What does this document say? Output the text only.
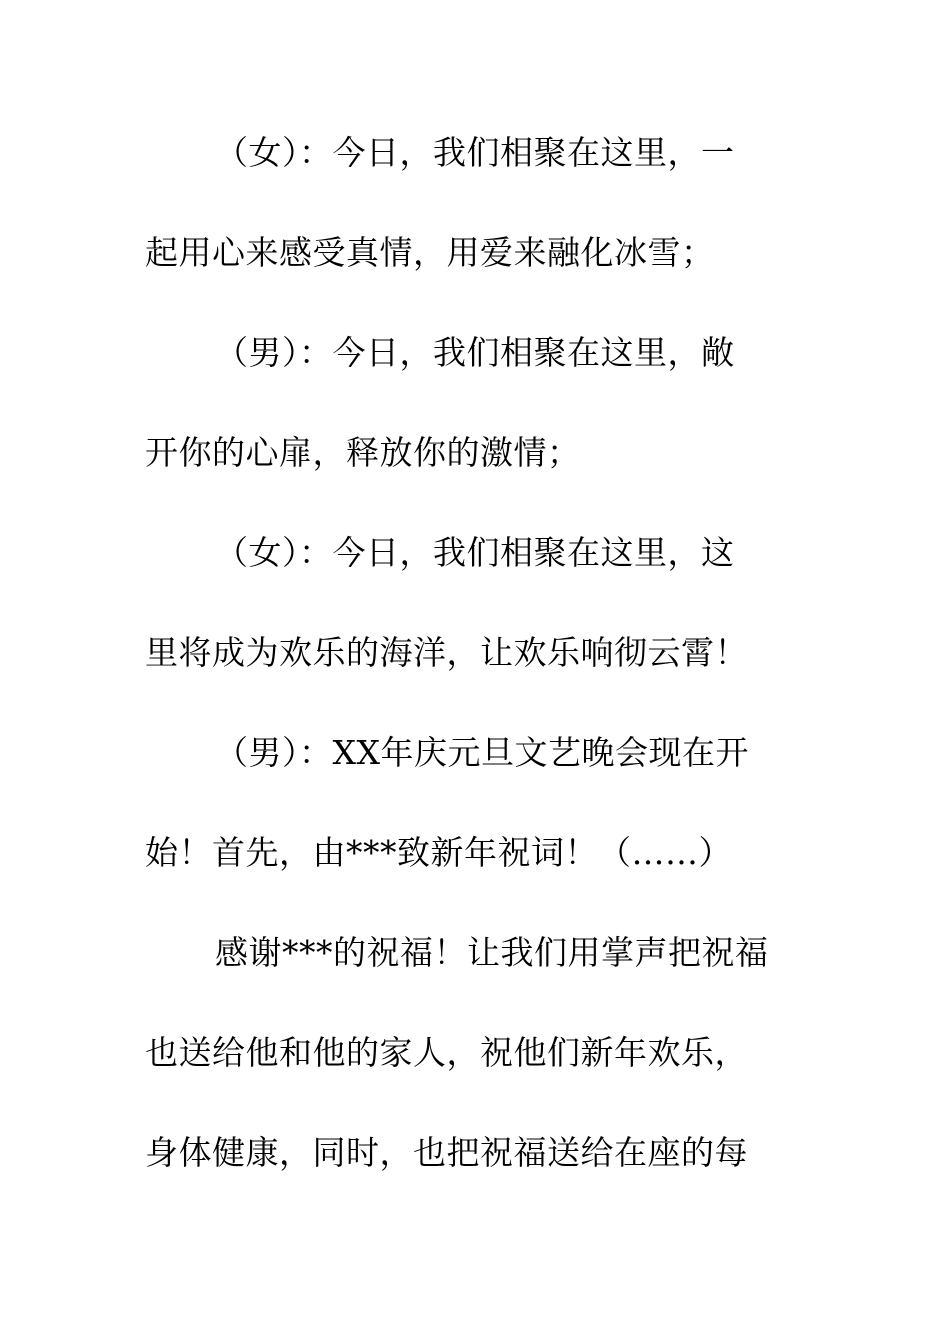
（女）：今日，我们相聚在这里，一
起用心来感受真情，用爱来融化冰雪；
（男）：今日，我们相聚在这里，敞
开你的心扉，释放你的激情；
（女）：今日，我们相聚在这里，这
里将成为欢乐的海洋，让欢乐响彻云霄！
（男）：XX年庆元旦文艺晚会现在开
始！首先，由***致新年祝词！（……）
感谢***的祝福！让我们用掌声把祝福
也送给他和他的家人，祝他们新年欢乐，
身体健康，同时，也把祝福送给在座的每
